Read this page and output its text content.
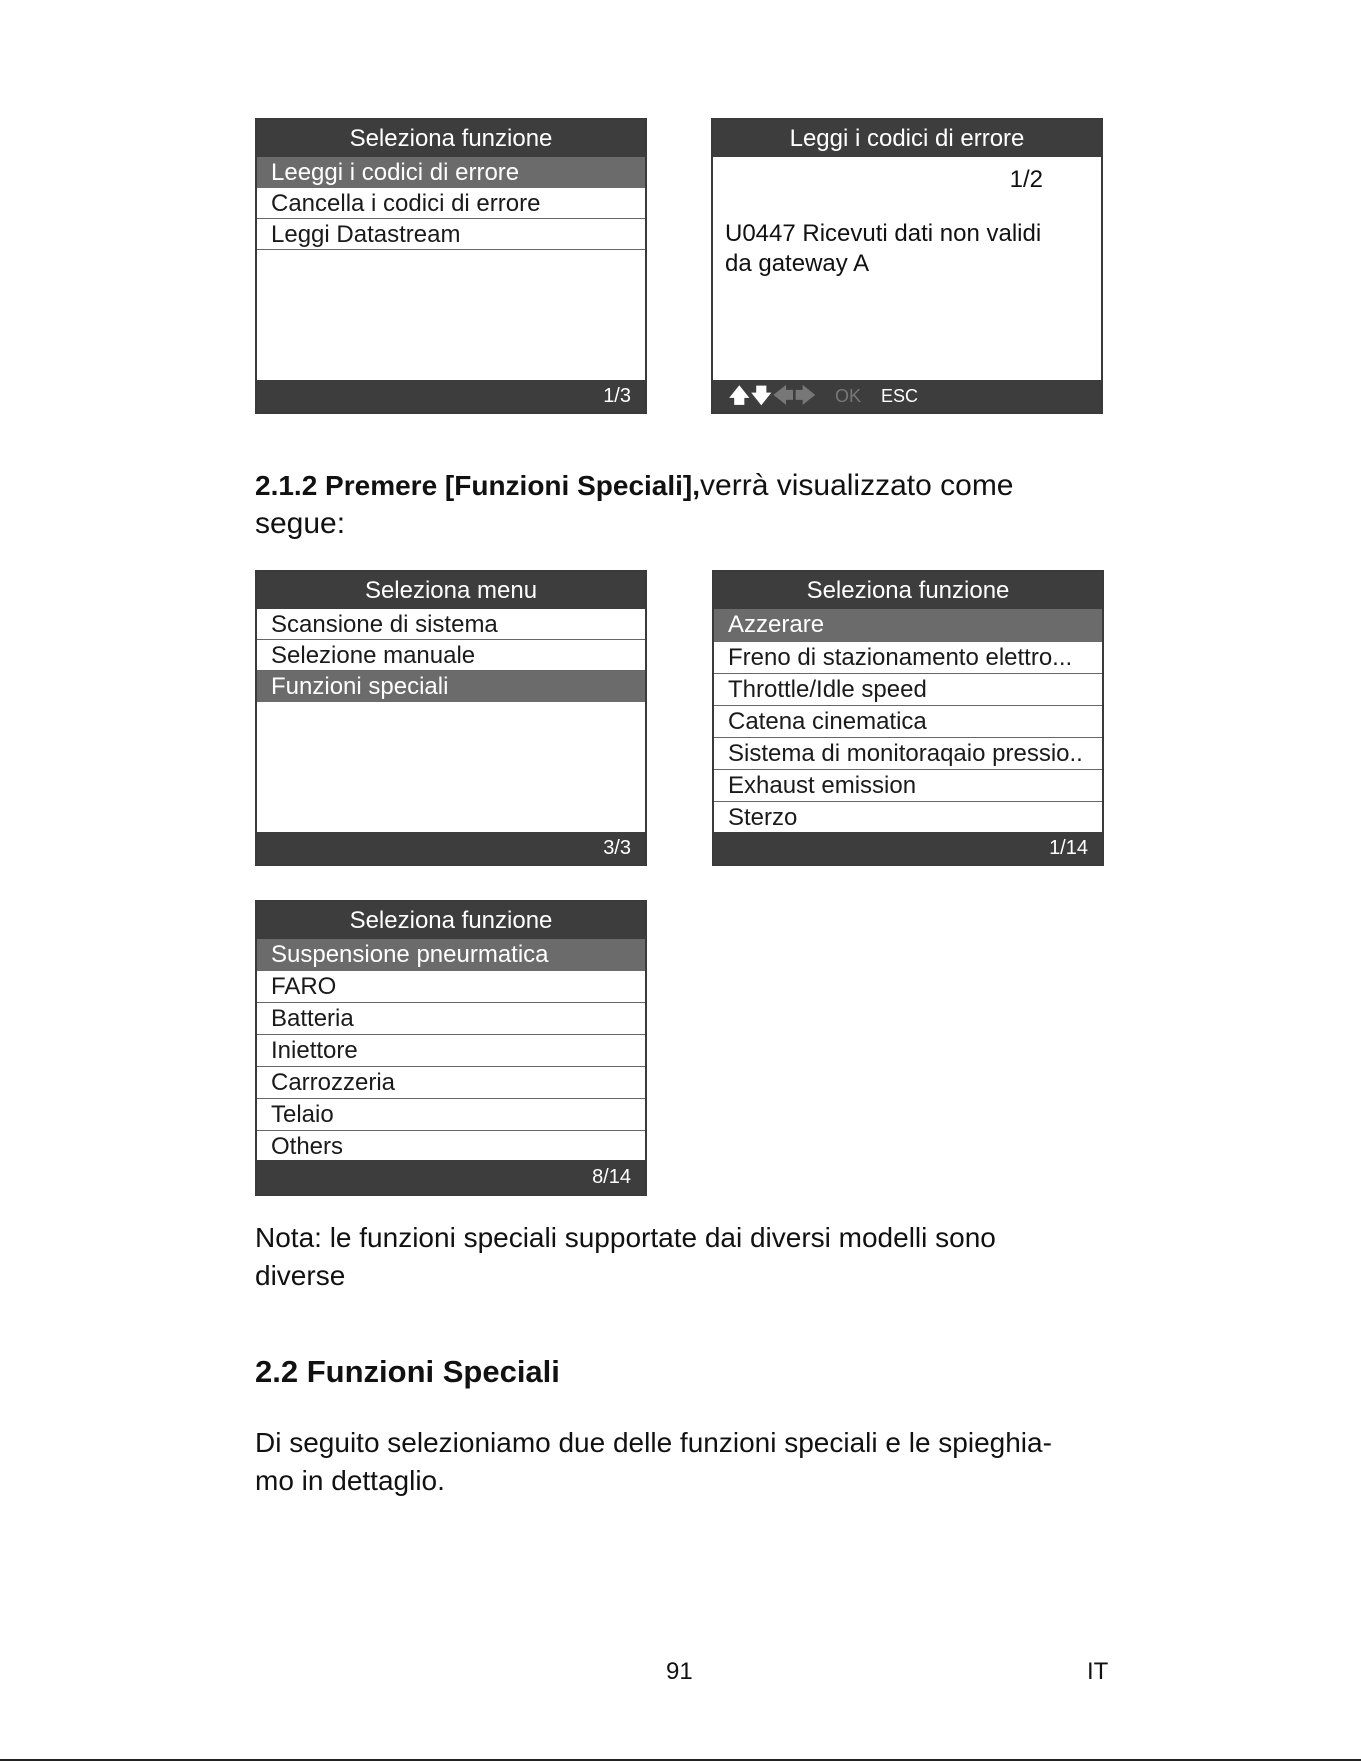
Seleziona funzione
Leeggi i codici di errore
Cancella i codici di errore
Leggi Datastream
1/3
Leggi i codici di errore
1/2
U0447 Ricevuti dati non validi da gateway A
🡅🡇🡄🡆 OK ESC
2.1.2 Premere [Funzioni Speciali],verrà visualizzato come
segue:
Seleziona menu
Scansione di sistema
Selezione manuale
Funzioni speciali
3/3
Seleziona funzione
Azzerare
Freno di stazionamento elettro...
Throttle/Idle speed
Catena cinematica
Sistema di monitoraqaio pressio..
Exhaust emission
Sterzo
1/14
Seleziona funzione
Suspensione pneurmatica
FARO
Batteria
Iniettore
Carrozzeria
Telaio
Others
8/14
Nota: le funzioni speciali supportate dai diversi modelli sono
diverse
2.2 Funzioni Speciali
Di seguito selezioniamo due delle funzioni speciali e le spieghia-
mo in dettaglio.
91	IT
